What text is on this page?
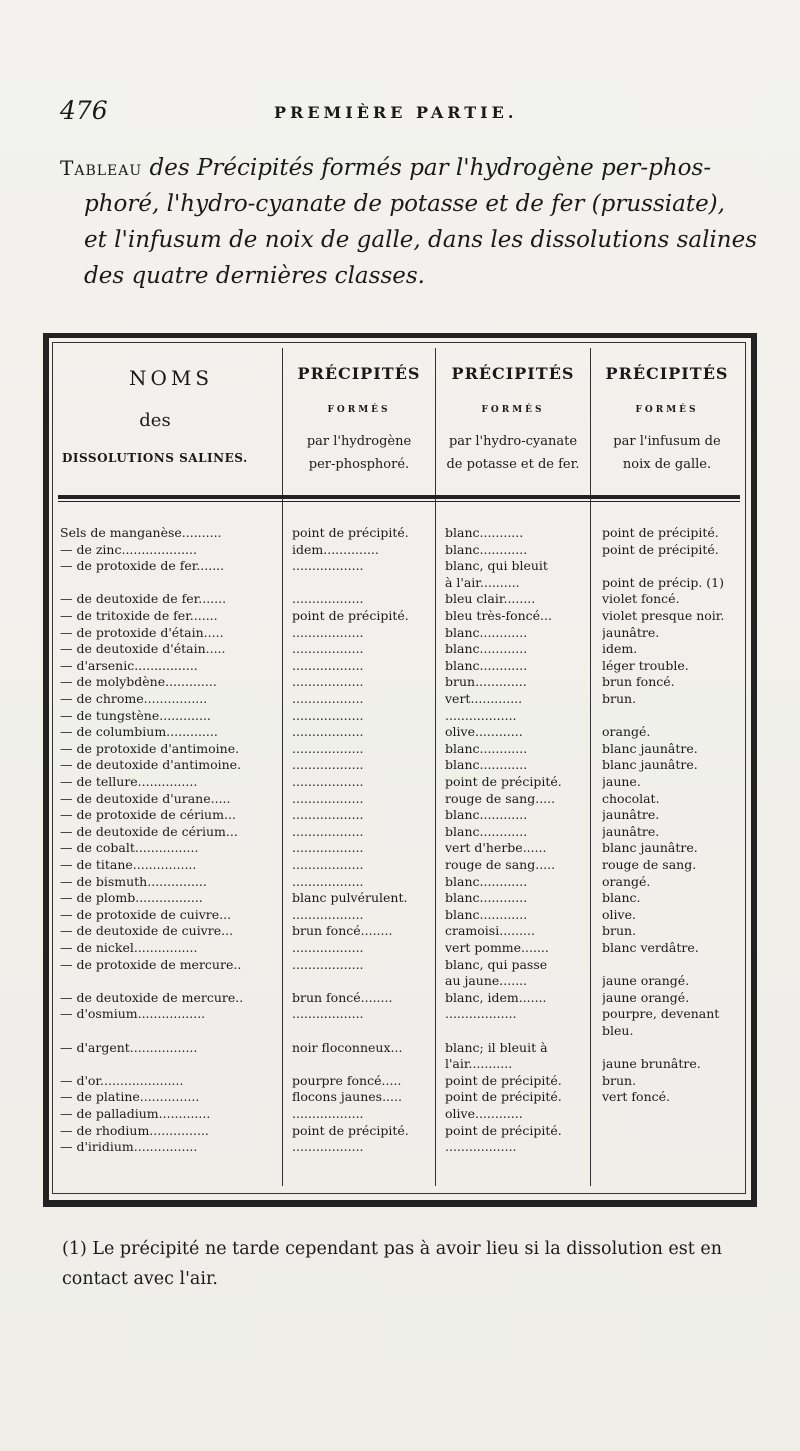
476	PREMIÈRE PARTIE.
Tableau des Précipités formés par l'hydrogène per-phos-
phoré, l'hydro-cyanate de potasse et de fer (prussiate),
et l'infusum de noix de galle, dans les dissolutions salines
des quatre dernières classes.
NOMS
des
DISSOLUTIONS SALINES.
PRÉCIPITÉS
FORMÉS
par l'hydrogène
per-phosphoré.
PRÉCIPITÉS
FORMÉS
par l'hydro-cyanate
de potasse et de fer.
PRÉCIPITÉS
FORMÉS
par l'infusum de
noix de galle.
Sels de manganèse..........	point de précipité.	blanc...........	point de précipité.
— de zinc...................	idem..............	blanc............	point de précipité.
— de protoxide de fer.......	..................	blanc, qui bleuit
à l'air..........	point de précip. (1)
— de deutoxide de fer.......	..................	bleu clair........	violet foncé.
— de tritoxide de fer.......	point de précipité.	bleu très-foncé...	violet presque noir.
— de protoxide d'étain.....	..................	blanc............	jaunâtre.
— de deutoxide d'étain.....	..................	blanc............	idem.
— d'arsenic................	..................	blanc............	léger trouble.
— de molybdène.............	..................	brun.............	brun foncé.
— de chrome................	..................	vert.............	brun.
— de tungstène.............	..................	..................
— de columbium.............	..................	olive............	orangé.
— de protoxide d'antimoine.	..................	blanc............	blanc jaunâtre.
— de deutoxide d'antimoine.	..................	blanc............	blanc jaunâtre.
— de tellure...............	..................	point de précipité.	jaune.
— de deutoxide d'urane.....	..................	rouge de sang.....	chocolat.
— de protoxide de cérium...	..................	blanc............	jaunâtre.
— de deutoxide de cérium...	..................	blanc............	jaunâtre.
— de cobalt................	..................	vert d'herbe......	blanc jaunâtre.
— de titane................	..................	rouge de sang.....	rouge de sang.
— de bismuth...............	..................	blanc............	orangé.
— de plomb.................	blanc pulvérulent.	blanc............	blanc.
— de protoxide de cuivre...	..................	blanc............	olive.
— de deutoxide de cuivre...	brun foncé........	cramoisi.........	brun.
— de nickel................	..................	vert pomme.......	blanc verdâtre.
— de protoxide de mercure..	..................	blanc, qui passe
au jaune.......	jaune orangé.
— de deutoxide de mercure..	brun foncé........	blanc, idem.......	jaune orangé.
— d'osmium.................	..................	..................	pourpre, devenant
bleu.
— d'argent.................	noir floconneux...	blanc; il bleuit à
l'air...........	jaune brunâtre.
— d'or.....................	pourpre foncé.....	point de précipité.	brun.
— de platine...............	flocons jaunes.....	point de précipité.	vert foncé.
— de palladium.............	..................	olive............
— de rhodium...............	point de précipité.	point de précipité.
— d'iridium................	..................	..................
(1) Le précipité ne tarde cependant pas à avoir lieu si la dissolution est en contact avec l'air.
